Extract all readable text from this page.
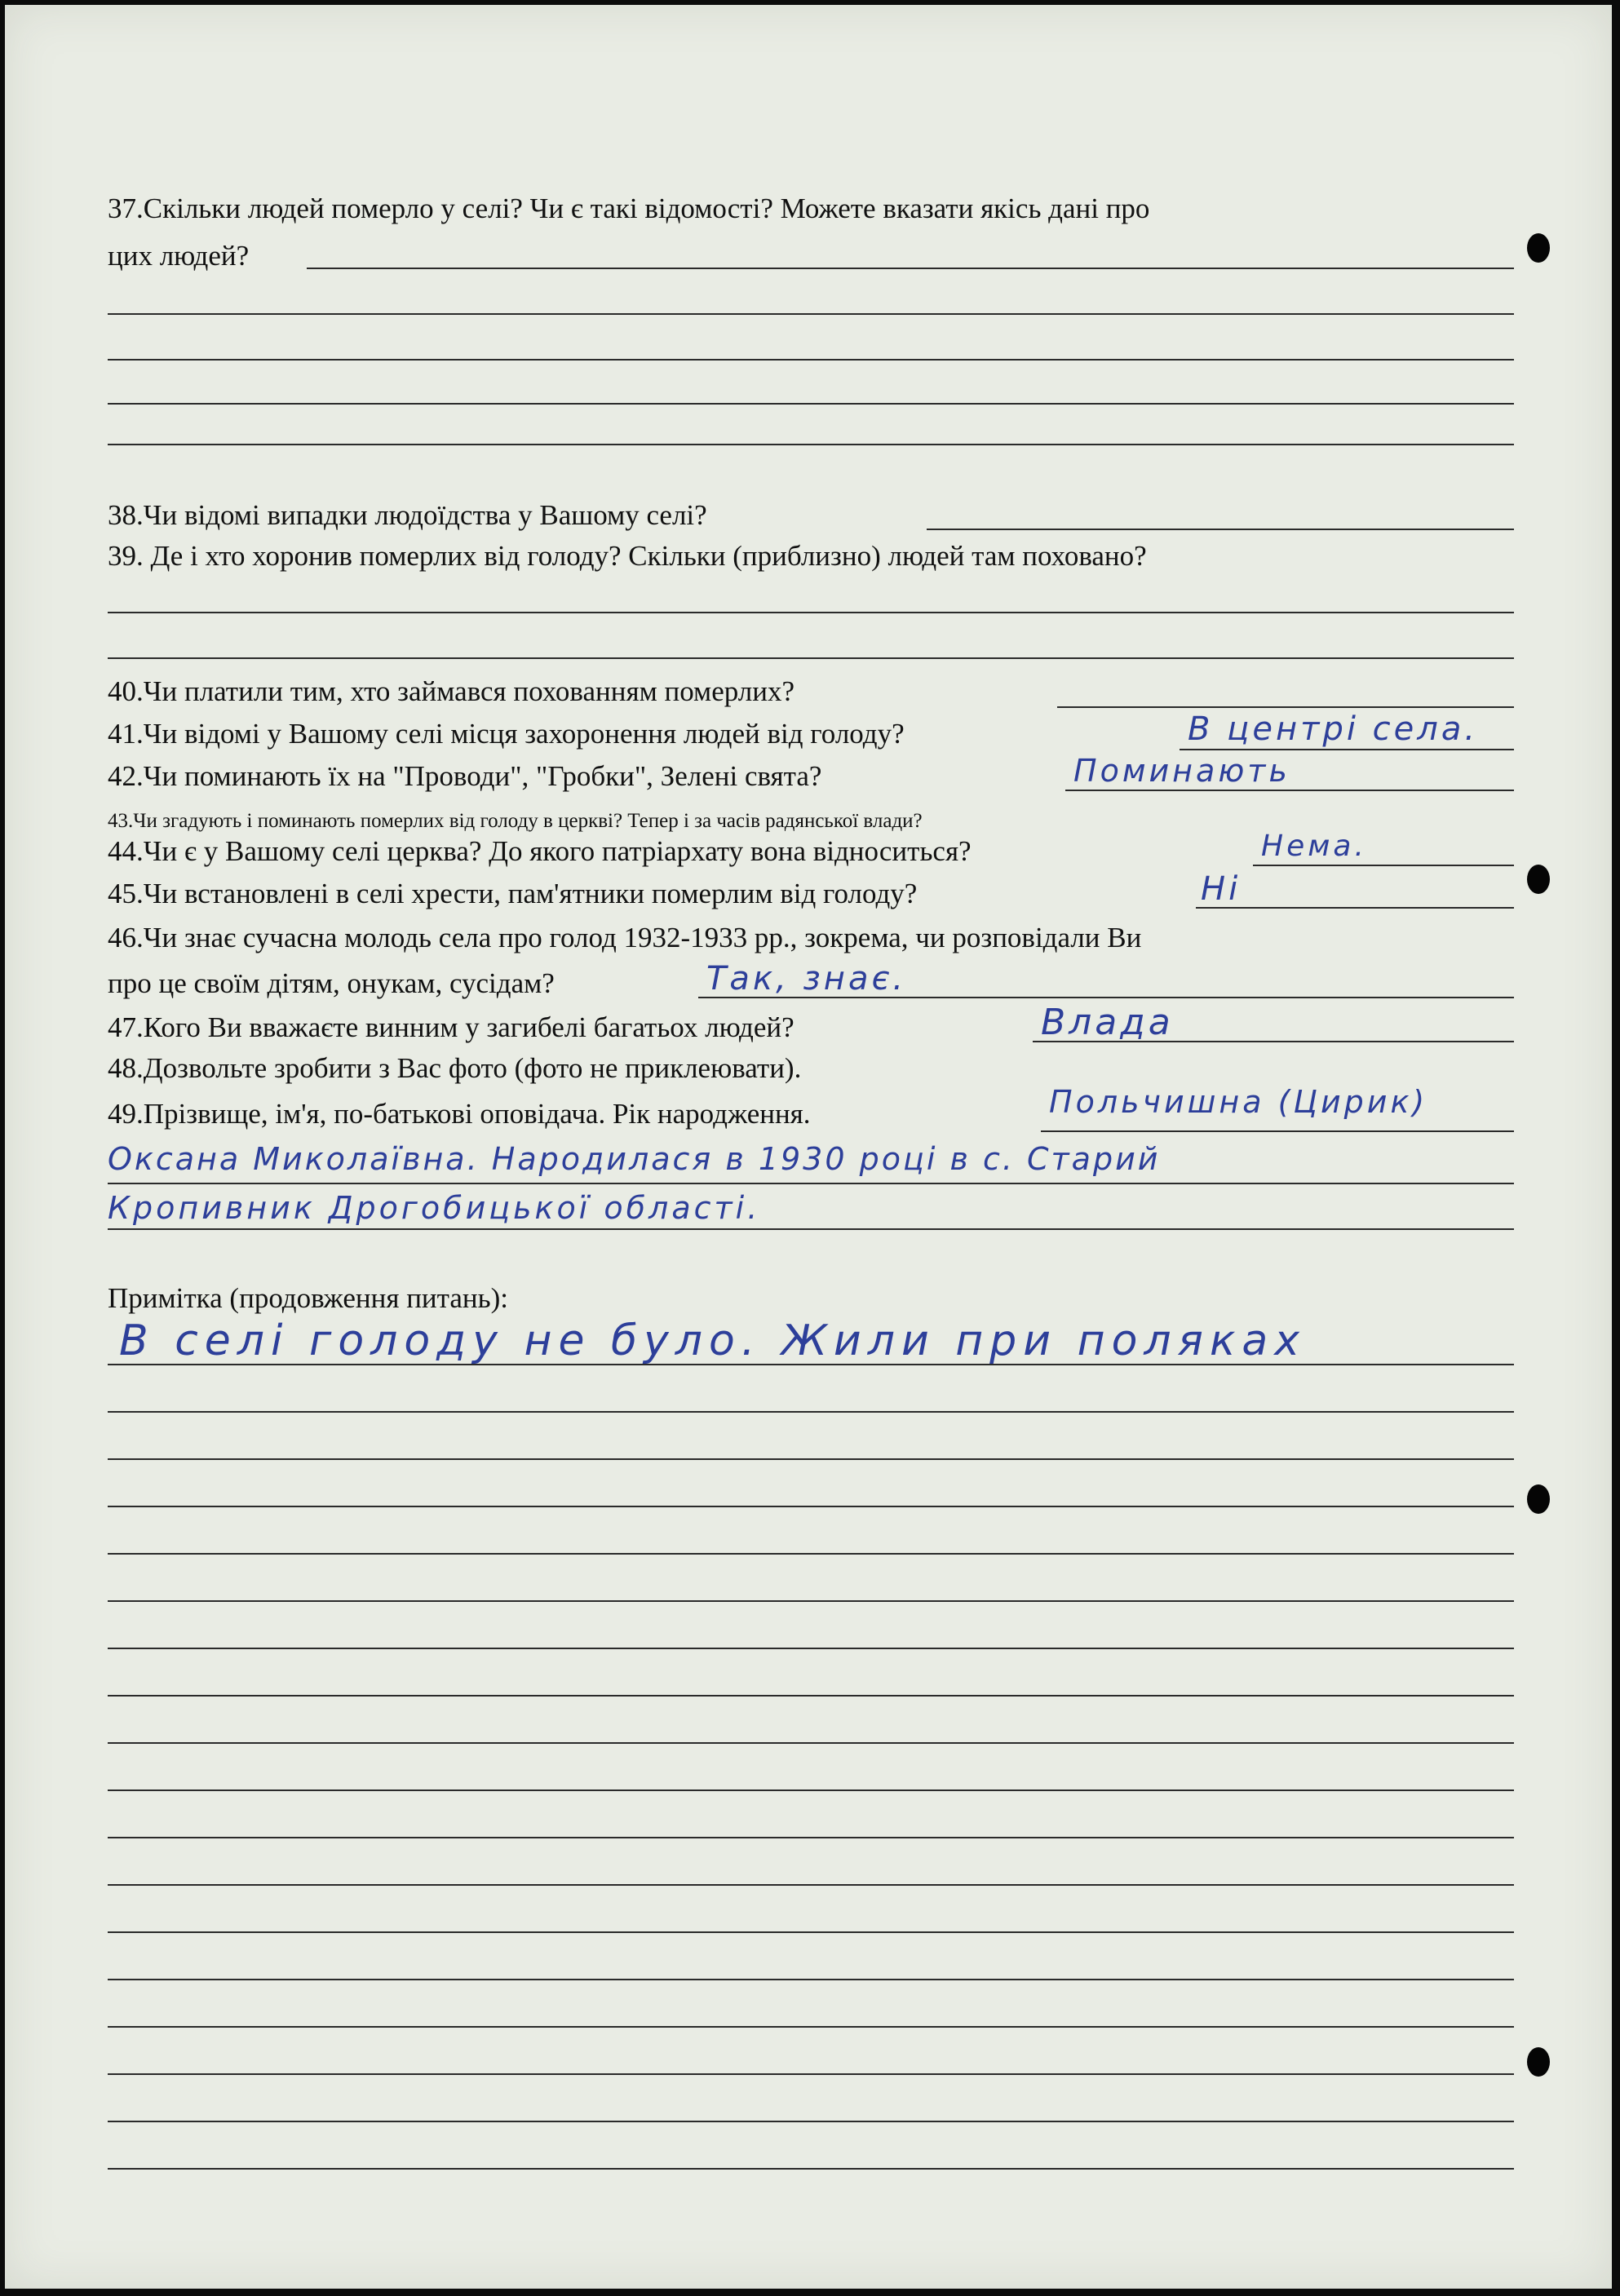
37.Скільки людей померло у селі? Чи є такі відомості? Можете вказати якісь дані про
цих людей?
38.Чи відомі випадки людоїдства у Вашому селі?
39. Де і хто хоронив померлих від голоду? Скільки (приблизно) людей там поховано?
40.Чи платили тим, хто займався похованням померлих?
41.Чи відомі у Вашому селі місця захоронення людей від голоду?	В центрі села.
42.Чи поминають їх на "Проводи", "Гробки", Зелені свята?	Поминають
43.Чи згадують і поминають померлих від голоду в церкві? Тепер і за часів радянської влади?
44.Чи є у Вашому селі церква? До якого патріархату вона відноситься?	Нема.
45.Чи встановлені в селі хрести, пам'ятники померлим від голоду?	Ні
46.Чи знає сучасна молодь села про голод 1932-1933 рр., зокрема, чи розповідали Ви
про це своїм дітям, онукам, сусідам?	Так, знає.
47.Кого Ви вважаєте винним у загибелі багатьох людей?	Влада
48.Дозвольте зробити з Вас фото (фото не приклеювати).
49.Прізвище, ім'я, по-батькові оповідача. Рік народження.	Польчишна (Цирик)
Оксана Миколаївна. Народилася в 1930 році в с. Старий
Кропивник Дрогобицької області.
Примітка (продовження питань):
В селі голоду не було. Жили при поляках
